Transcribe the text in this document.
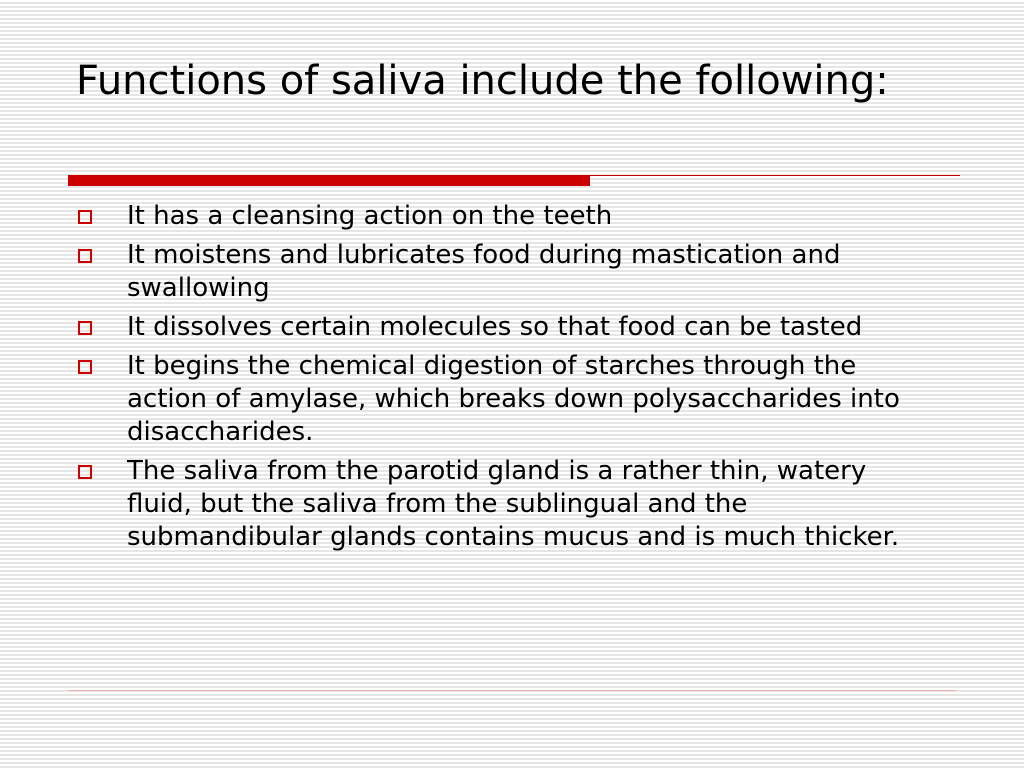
Functions of saliva include the following:
It has a cleansing action on the teeth
It moistens and lubricates food during mastication and swallowing
It dissolves certain molecules so that food can be tasted
It begins the chemical digestion of starches through the action of amylase, which breaks down polysaccharides into disaccharides.
The saliva from the parotid gland is a rather thin, watery fluid, but the saliva from the sublingual and the submandibular glands contains mucus and is much thicker.
